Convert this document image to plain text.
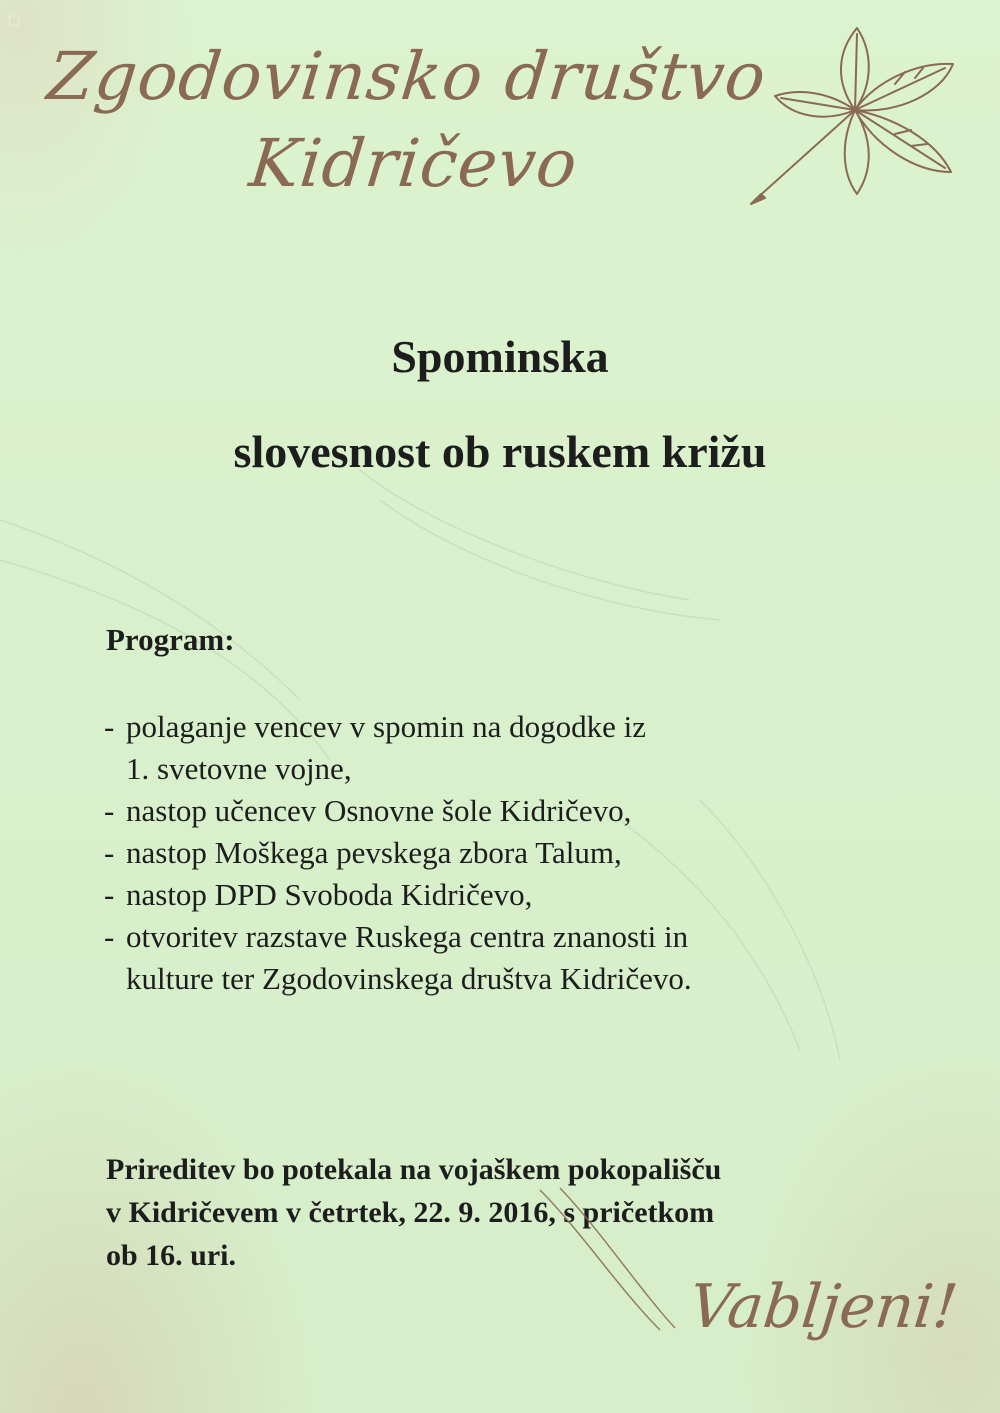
▢
Zgodovinsko društvo
Kidričevo
Spominska
slovesnost ob ruskem križu
Program:
- polaganje vencev v spomin na dogodke iz
1. svetovne vojne,
- nastop učencev Osnovne šole Kidričevo,
- nastop Moškega pevskega zbora Talum,
- nastop DPD Svoboda Kidričevo,
- otvoritev razstave Ruskega centra znanosti in
kulture ter Zgodovinskega društva Kidričevo.
Prireditev bo potekala na vojaškem pokopališču
v Kidričevem v četrtek, 22. 9. 2016, s pričetkom
ob 16. uri.
Vabljeni!
